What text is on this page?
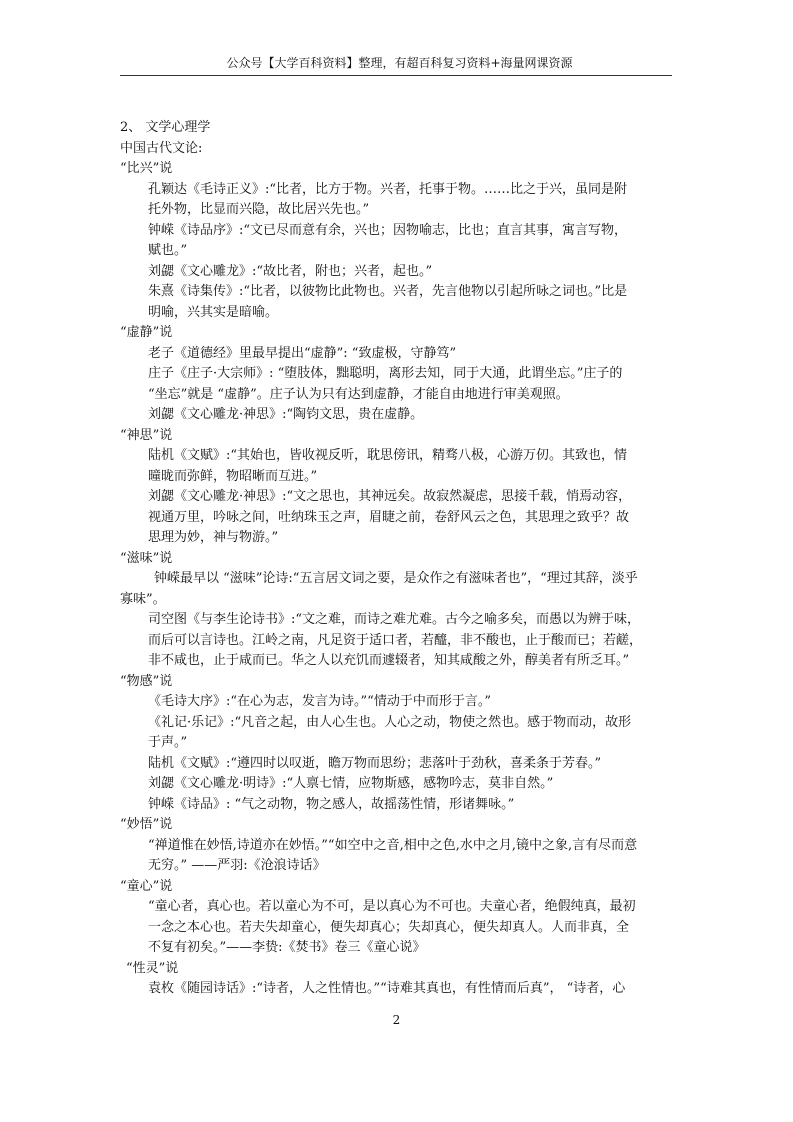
公众号【大学百科资料】整理，有超百科复习资料+海量网课资源

2、 文学心理学

中国古代文论:

“比兴”说

孔颖达《毛诗正义》:“比者，比方于物。兴者，托事于物。……比之于兴，虽同是附

托外物，比显而兴隐，故比居兴先也。”

钟嵘《诗品序》:“文已尽而意有余，兴也；因物喻志，比也；直言其事，寓言写物，

赋也。”

刘勰《文心雕龙》:“故比者，附也；兴者，起也。”

朱熹《诗集传》:“比者，以彼物比此物也。兴者，先言他物以引起所咏之词也。”比是

明喻，兴其实是暗喻。

“虚静”说

老子《道德经》里最早提出“虚静”: “致虚极，守静笃”

庄子《庄子·大宗师》: “堕肢体，黜聪明，离形去知，同于大通，此谓坐忘。”庄子的

“坐忘”就是 “虚静”。庄子认为只有达到虚静，才能自由地进行审美观照。

刘勰《文心雕龙·神思》:“陶钧文思，贵在虚静。

“神思”说

陆机《文赋》:“其始也，皆收视反听，耽思傍讯，精骛八极，心游万仞。其致也，情

曈昽而弥鲜，物昭晰而互进。”

刘勰《文心雕龙·神思》:“文之思也，其神远矣。故寂然凝虑，思接千载，悄焉动容，

视通万里，吟咏之间，吐纳珠玉之声，眉睫之前，卷舒风云之色，其思理之致乎？故

思理为妙，神与物游。”

“滋味”说

钟嵘最早以 “滋味”论诗:“五言居文词之要，是众作之有滋味者也”，“理过其辞，淡乎

寡味”。

司空图《与李生论诗书》:“文之难，而诗之难尤难。古今之喻多矣，而愚以为辨于味，

而后可以言诗也。江岭之南，凡足资于适口者，若醯，非不酸也，止于酸而已；若鹾，

非不咸也，止于咸而已。华之人以充饥而遽辍者，知其咸酸之外，醇美者有所乏耳。”

“物感”说

《毛诗大序》:“在心为志，发言为诗。”“情动于中而形于言。”

《礼记·乐记》:“凡音之起，由人心生也。人心之动，物使之然也。感于物而动，故形

于声。”

陆机《文赋》:“遵四时以叹逝，瞻万物而思纷；悲落叶于劲秋，喜柔条于芳春。”

刘勰《文心雕龙·明诗》:“人禀七情，应物斯感，感物吟志，莫非自然。”

钟嵘《诗品》: “气之动物，物之感人，故摇荡性情，形诸舞咏。”

“妙悟”说

“禅道惟在妙悟,诗道亦在妙悟。”“如空中之音,相中之色,水中之月,镜中之象,言有尽而意

无穷。” ——严羽:《沧浪诗话》

“童心”说

“童心者，真心也。若以童心为不可，是以真心为不可也。夫童心者，绝假纯真，最初

一念之本心也。若夫失却童心，便失却真心；失却真心，便失却真人。人而非真，全

不复有初矣。”——李贽:《焚书》卷三《童心说》

“性灵”说

袁枚《随园诗话》:“诗者，人之性情也。”“诗难其真也，有性情而后真”， “诗者，心

2
